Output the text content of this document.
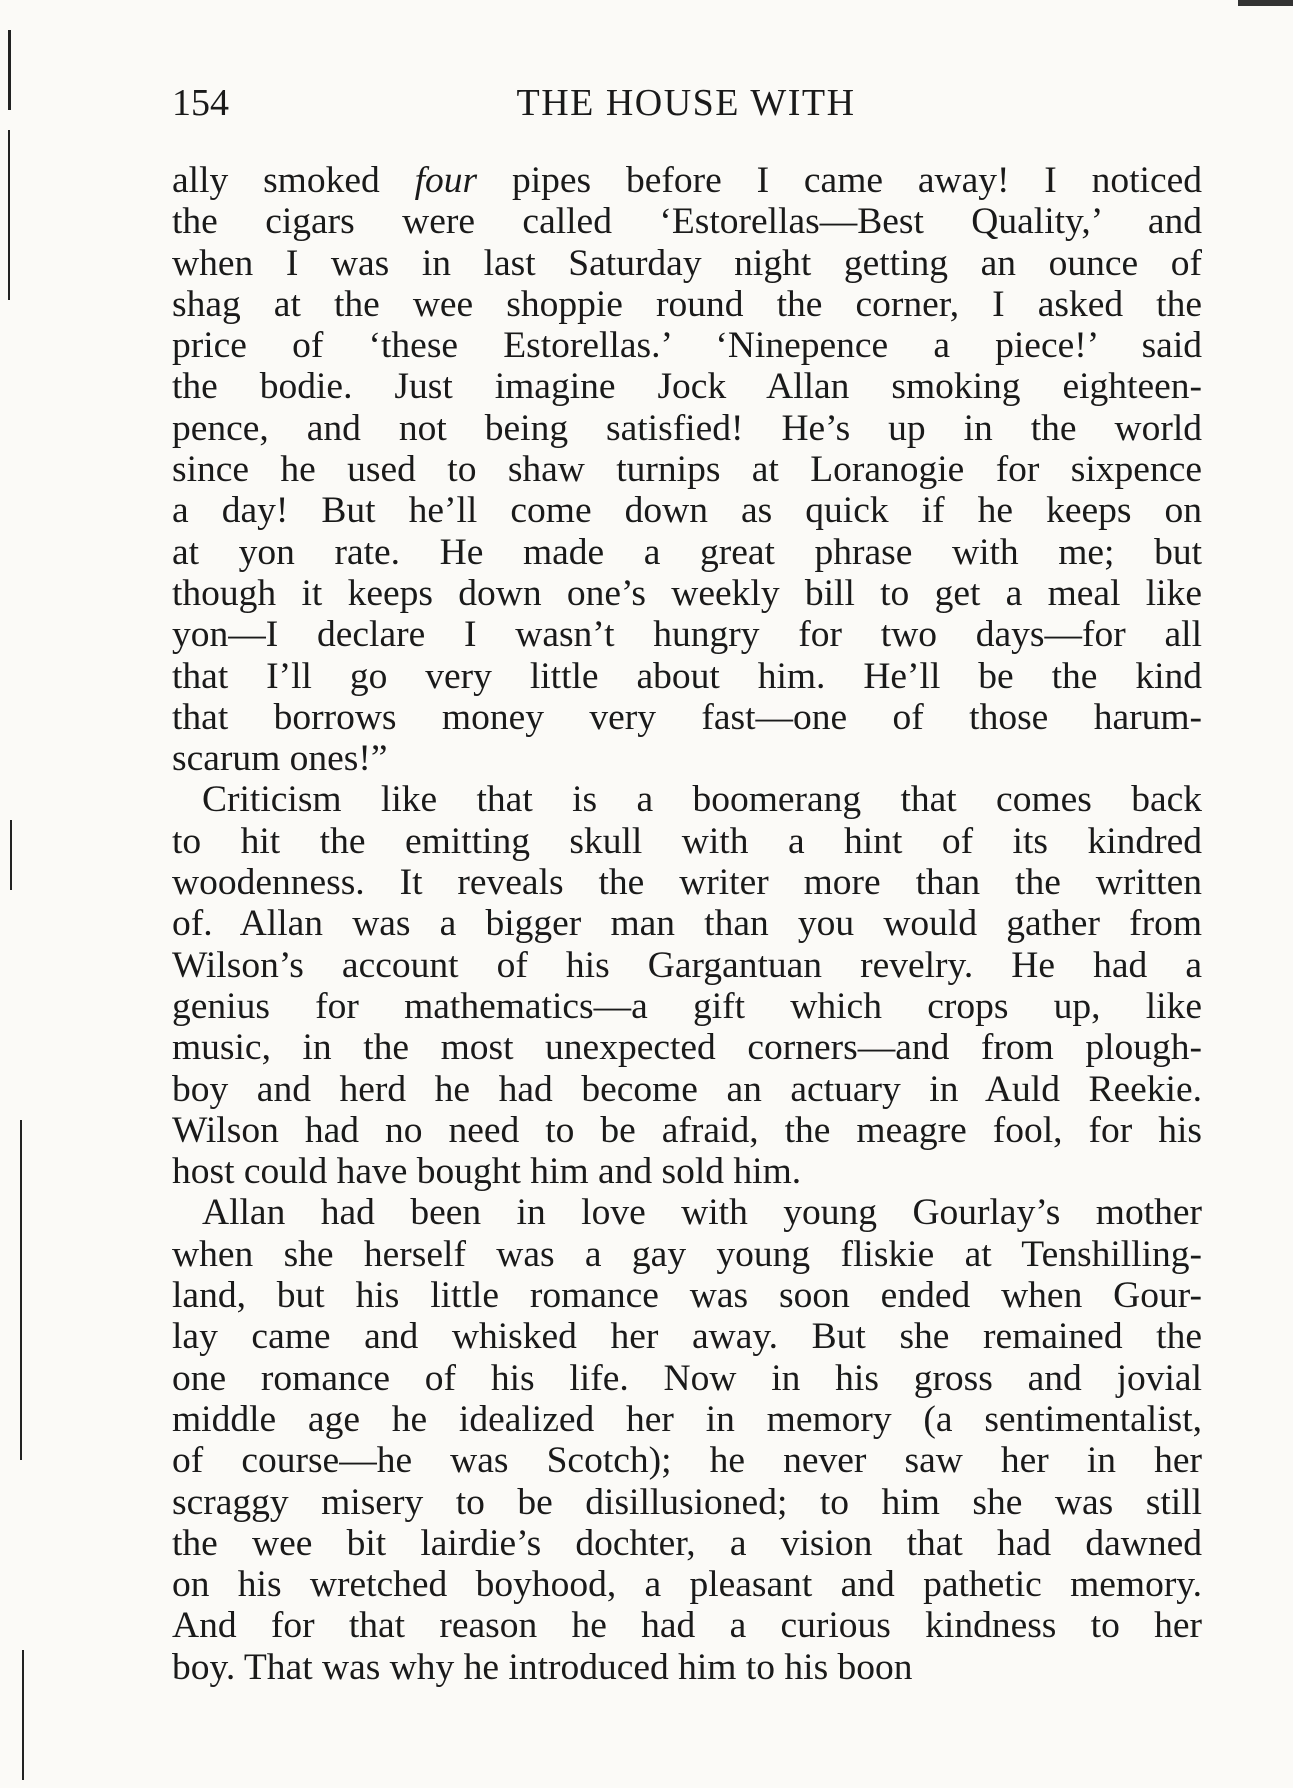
154	THE HOUSE WITH
ally smoked four pipes before I came away! I noticed
the cigars were called ‘Estorellas—Best Quality,’ and
when I was in last Saturday night getting an ounce of
shag at the wee shoppie round the corner, I asked the
price of ‘these Estorellas.’ ‘Ninepence a piece!’ said
the bodie. Just imagine Jock Allan smoking eighteen-
pence, and not being satisfied! He’s up in the world
since he used to shaw turnips at Loranogie for sixpence
a day! But he’ll come down as quick if he keeps on
at yon rate. He made a great phrase with me; but
though it keeps down one’s weekly bill to get a meal like
yon—I declare I wasn’t hungry for two days—for all
that I’ll go very little about him. He’ll be the kind
that borrows money very fast—one of those harum-
scarum ones!”
Criticism like that is a boomerang that comes back
to hit the emitting skull with a hint of its kindred
woodenness. It reveals the writer more than the written
of. Allan was a bigger man than you would gather from
Wilson’s account of his Gargantuan revelry. He had a
genius for mathematics—a gift which crops up, like
music, in the most unexpected corners—and from plough-
boy and herd he had become an actuary in Auld Reekie.
Wilson had no need to be afraid, the meagre fool, for his
host could have bought him and sold him.
Allan had been in love with young Gourlay’s mother
when she herself was a gay young fliskie at Tenshilling-
land, but his little romance was soon ended when Gour-
lay came and whisked her away. But she remained the
one romance of his life. Now in his gross and jovial
middle age he idealized her in memory (a sentimentalist,
of course—he was Scotch); he never saw her in her
scraggy misery to be disillusioned; to him she was still
the wee bit lairdie’s dochter, a vision that had dawned
on his wretched boyhood, a pleasant and pathetic memory.
And for that reason he had a curious kindness to her
boy. That was why he introduced him to his boon
